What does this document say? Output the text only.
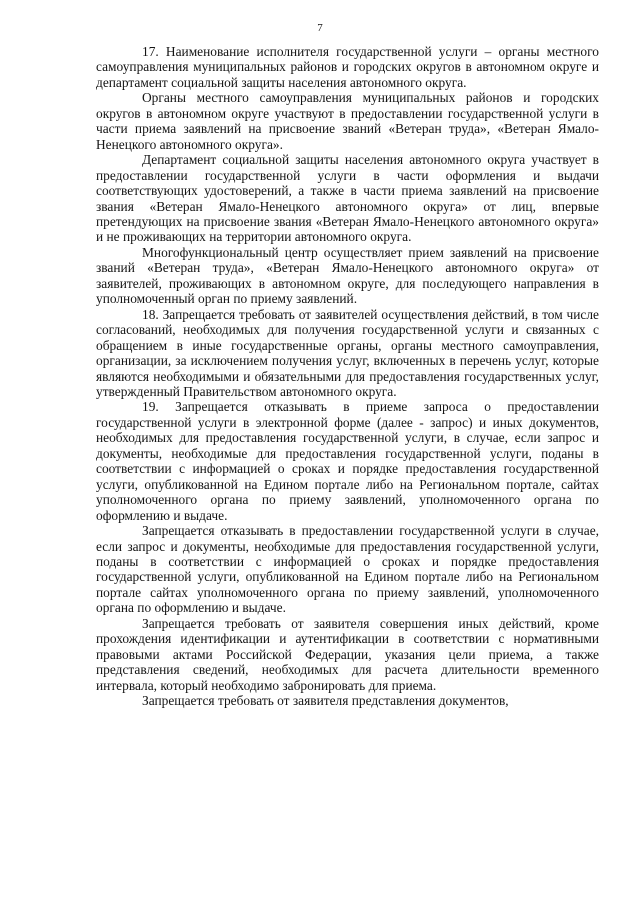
7

17. Наименование исполнителя государственной услуги – органы местного самоуправления муниципальных районов и городских округов в автономном округе и департамент социальной защиты населения автономного округа.

Органы местного самоуправления муниципальных районов и городских округов в автономном округе участвуют в предоставлении государственной услуги в части приема заявлений на присвоение званий «Ветеран труда», «Ветеран Ямало-Ненецкого автономного округа».

Департамент социальной защиты населения автономного округа участвует в предоставлении государственной услуги в части оформления и выдачи соответствующих удостоверений, а также в части приема заявлений на присвоение звания «Ветеран Ямало-Ненецкого автономного округа» от лиц, впервые претендующих на присвоение звания «Ветеран Ямало-Ненецкого автономного округа» и не проживающих на территории автономного округа.

Многофункциональный центр осуществляет прием заявлений на присвоение званий «Ветеран труда», «Ветеран Ямало-Ненецкого автономного округа» от заявителей, проживающих в автономном округе, для последующего направления в уполномоченный орган по приему заявлений.

18. Запрещается требовать от заявителей осуществления действий, в том числе согласований, необходимых для получения государственной услуги и связанных с обращением в иные государственные органы, органы местного самоуправления, организации, за исключением получения услуг, включенных в перечень услуг, которые являются необходимыми и обязательными для предоставления государственных услуг, утвержденный Правительством автономного округа.

19. Запрещается отказывать в приеме запроса о предоставлении государственной услуги в электронной форме (далее - запрос) и иных документов, необходимых для предоставления государственной услуги, в случае, если запрос и документы, необходимые для предоставления государственной услуги, поданы в соответствии с информацией о сроках и порядке предоставления государственной услуги, опубликованной на Едином портале либо на Региональном портале, сайтах уполномоченного органа по приему заявлений, уполномоченного органа по оформлению и выдаче.

Запрещается отказывать в предоставлении государственной услуги в случае, если запрос и документы, необходимые для предоставления государственной услуги, поданы в соответствии с информацией о сроках и порядке предоставления государственной услуги, опубликованной на Едином портале либо на Региональном портале сайтах уполномоченного органа по приему заявлений, уполномоченного органа по оформлению и выдаче.

Запрещается требовать от заявителя совершения иных действий, кроме прохождения идентификации и аутентификации в соответствии с нормативными правовыми актами Российской Федерации, указания цели приема, а также представления сведений, необходимых для расчета длительности временного интервала, который необходимо забронировать для приема.

Запрещается требовать от заявителя представления документов,
